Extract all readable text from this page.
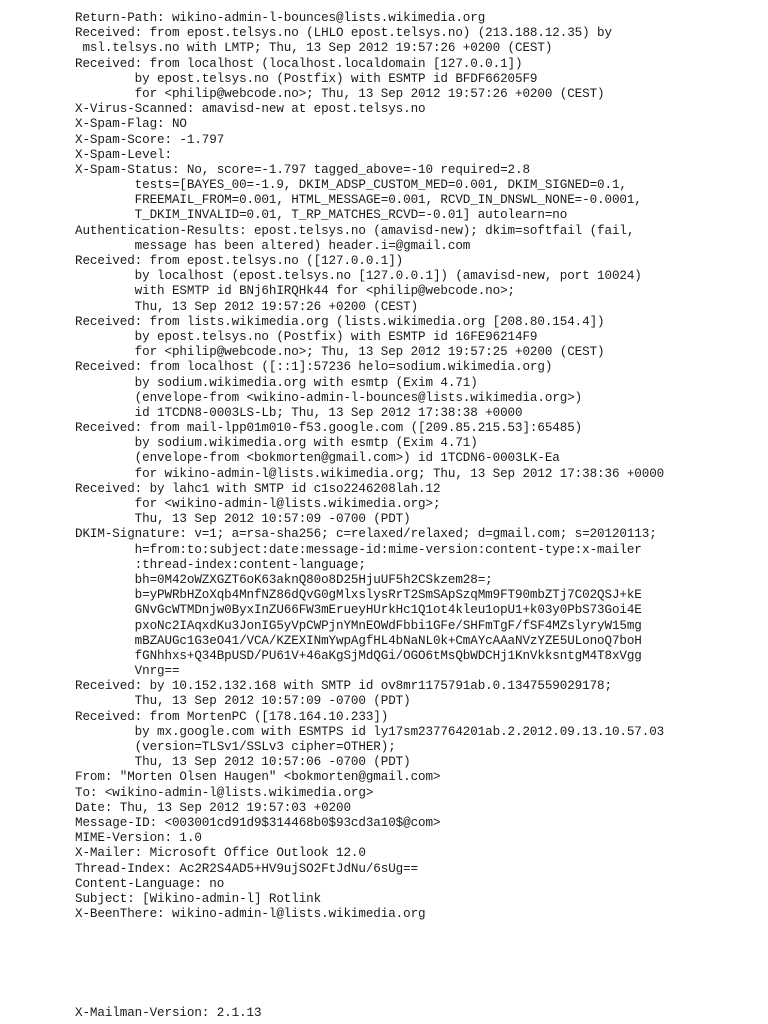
Return-Path: wikino-admin-l-bounces@lists.wikimedia.org
Received: from epost.telsys.no (LHLO epost.telsys.no) (213.188.12.35) by
msl.telsys.no with LMTP; Thu, 13 Sep 2012 19:57:26 +0200 (CEST)
Received: from localhost (localhost.localdomain [127.0.0.1])
by epost.telsys.no (Postfix) with ESMTP id BFDF66205F9
for <philip@webcode.no>; Thu, 13 Sep 2012 19:57:26 +0200 (CEST)
X-Virus-Scanned: amavisd-new at epost.telsys.no
X-Spam-Flag: NO
X-Spam-Score: -1.797
X-Spam-Level:
X-Spam-Status: No, score=-1.797 tagged_above=-10 required=2.8
tests=[BAYES_00=-1.9, DKIM_ADSP_CUSTOM_MED=0.001, DKIM_SIGNED=0.1,
FREEMAIL_FROM=0.001, HTML_MESSAGE=0.001, RCVD_IN_DNSWL_NONE=-0.0001,
T_DKIM_INVALID=0.01, T_RP_MATCHES_RCVD=-0.01] autolearn=no
Authentication-Results: epost.telsys.no (amavisd-new); dkim=softfail (fail,
message has been altered) header.i=@gmail.com
Received: from epost.telsys.no ([127.0.0.1])
by localhost (epost.telsys.no [127.0.0.1]) (amavisd-new, port 10024)
with ESMTP id BNj6hIRQHk44 for <philip@webcode.no>;
Thu, 13 Sep 2012 19:57:26 +0200 (CEST)
Received: from lists.wikimedia.org (lists.wikimedia.org [208.80.154.4])
by epost.telsys.no (Postfix) with ESMTP id 16FE96214F9
for <philip@webcode.no>; Thu, 13 Sep 2012 19:57:25 +0200 (CEST)
Received: from localhost ([::1]:57236 helo=sodium.wikimedia.org)
by sodium.wikimedia.org with esmtp (Exim 4.71)
(envelope-from <wikino-admin-l-bounces@lists.wikimedia.org>)
id 1TCDN8-0003LS-Lb; Thu, 13 Sep 2012 17:38:38 +0000
Received: from mail-lpp01m010-f53.google.com ([209.85.215.53]:65485)
by sodium.wikimedia.org with esmtp (Exim 4.71)
(envelope-from <bokmorten@gmail.com>) id 1TCDN6-0003LK-Ea
for wikino-admin-l@lists.wikimedia.org; Thu, 13 Sep 2012 17:38:36 +0000
Received: by lahc1 with SMTP id c1so2246208lah.12
for <wikino-admin-l@lists.wikimedia.org>;
Thu, 13 Sep 2012 10:57:09 -0700 (PDT)
DKIM-Signature: v=1; a=rsa-sha256; c=relaxed/relaxed; d=gmail.com; s=20120113;
h=from:to:subject:date:message-id:mime-version:content-type:x-mailer
:thread-index:content-language;
bh=0M42oWZXGZT6oK63aknQ80o8D25HjuUF5h2CSkzem28=;
b=yPWRbHZoXqb4MnfNZ86dQvG0gMlxslysRrT2SmSApSzqMm9FT90mbZTj7C02QSJ+kE
GNvGcWTMDnjw0ByxInZU66FW3mErueyHUrkHc1Q1ot4kleu1opU1+k03y0PbS73Goi4E
pxoNc2IAqxdKu3JonIG5yVpCWPjnYMnEOWdFbbi1GFe/SHFmTgF/fSF4MZslyryW15mg
mBZAUGc1G3eO41/VCA/KZEXINmYwpAgfHL4bNaNL0k+CmAYcAAaNVzYZE5ULonoQ7boH
fGNhhxs+Q34BpUSD/PU61V+46aKgSjMdQGi/OGO6tMsQbWDCHj1KnVkksntgM4T8xVgg
Vnrg==
Received: by 10.152.132.168 with SMTP id ov8mr1175791ab.0.1347559029178;
Thu, 13 Sep 2012 10:57:09 -0700 (PDT)
Received: from MortenPC ([178.164.10.233])
by mx.google.com with ESMTPS id ly17sm237764201ab.2.2012.09.13.10.57.03
(version=TLSv1/SSLv3 cipher=OTHER);
Thu, 13 Sep 2012 10:57:06 -0700 (PDT)
From: "Morten Olsen Haugen" <bokmorten@gmail.com>
To: <wikino-admin-l@lists.wikimedia.org>
Date: Thu, 13 Sep 2012 19:57:03 +0200
Message-ID: <003001cd91d9$314468b0$93cd3a10$@com>
MIME-Version: 1.0
X-Mailer: Microsoft Office Outlook 12.0
Thread-Index: Ac2R2S4AD5+HV9ujSO2FtJdNu/6sUg==
Content-Language: no
Subject: [Wikino-admin-l] Rotlink
X-BeenThere: wikino-admin-l@lists.wikimedia.org
X-Mailman-Version: 2.1.13
